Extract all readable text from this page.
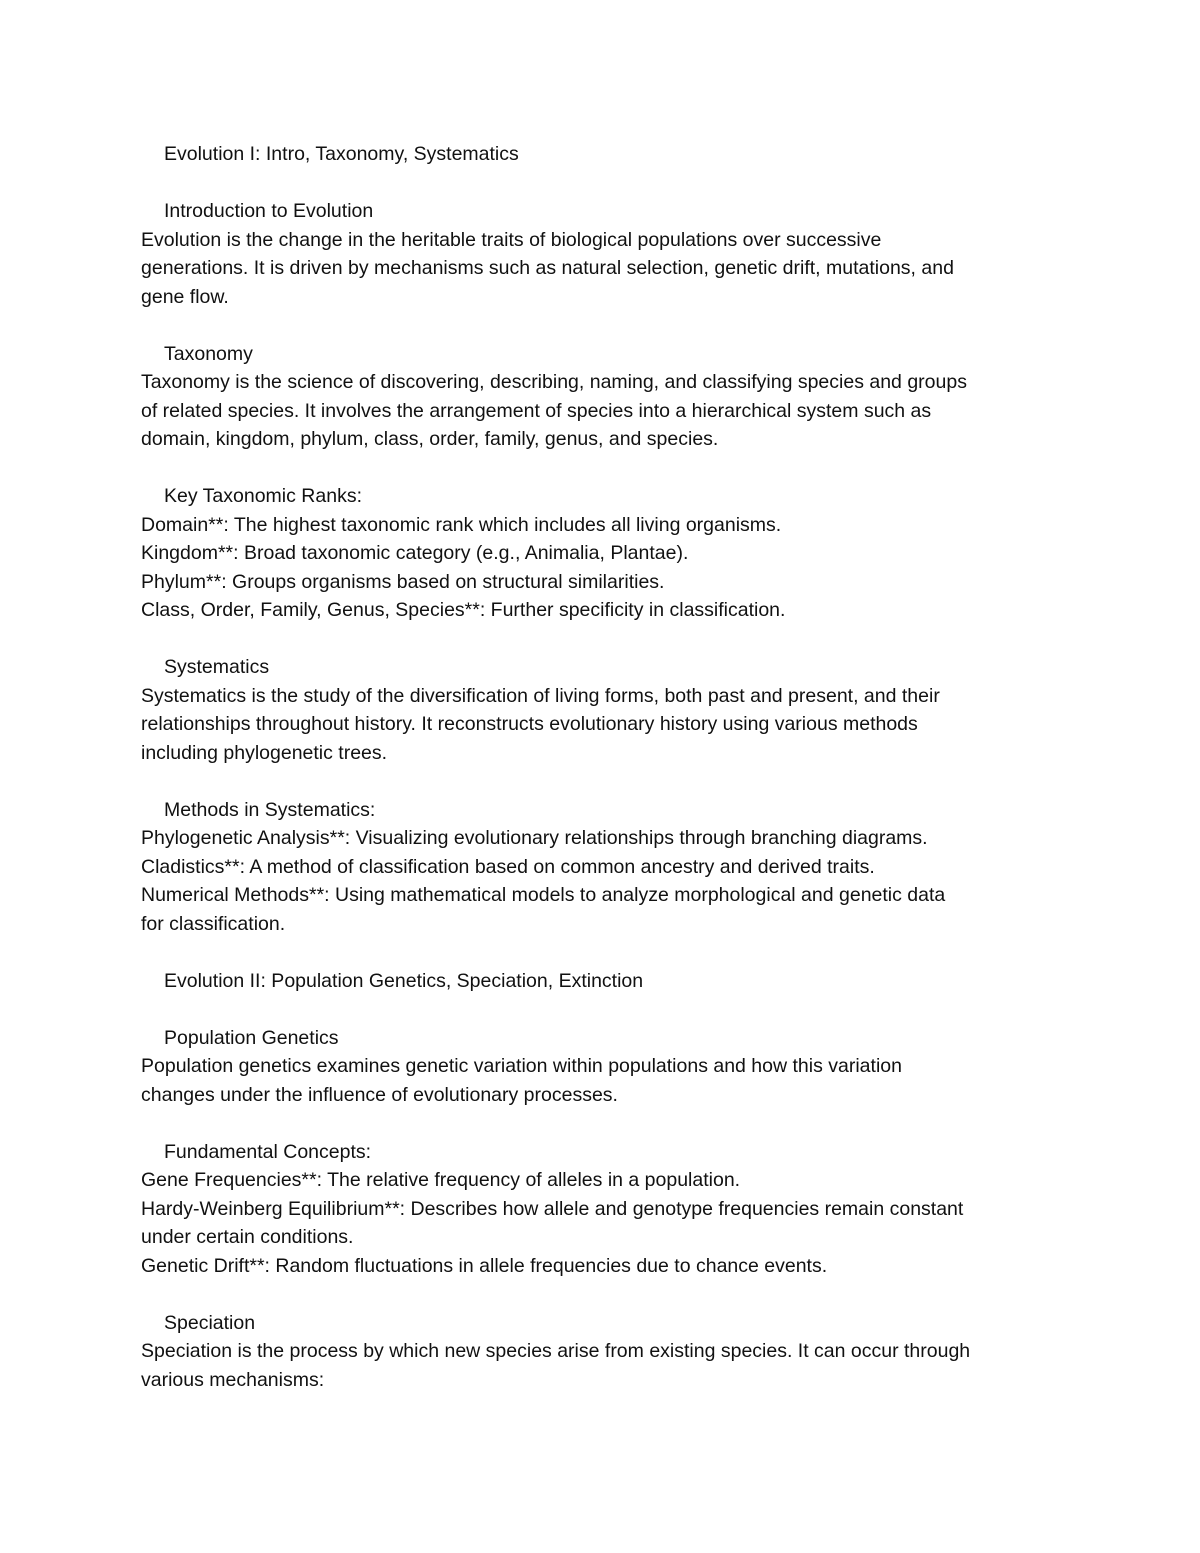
Evolution I: Intro, Taxonomy, Systematics
Introduction to Evolution
Evolution is the change in the heritable traits of biological populations over successive
generations. It is driven by mechanisms such as natural selection, genetic drift, mutations, and
gene flow.
Taxonomy
Taxonomy is the science of discovering, describing, naming, and classifying species and groups
of related species. It involves the arrangement of species into a hierarchical system such as
domain, kingdom, phylum, class, order, family, genus, and species.
Key Taxonomic Ranks:
Domain**: The highest taxonomic rank which includes all living organisms.
Kingdom**: Broad taxonomic category (e.g., Animalia, Plantae).
Phylum**: Groups organisms based on structural similarities.
Class, Order, Family, Genus, Species**: Further specificity in classification.
Systematics
Systematics is the study of the diversification of living forms, both past and present, and their
relationships throughout history. It reconstructs evolutionary history using various methods
including phylogenetic trees.
Methods in Systematics:
Phylogenetic Analysis**: Visualizing evolutionary relationships through branching diagrams.
Cladistics**: A method of classification based on common ancestry and derived traits.
Numerical Methods**: Using mathematical models to analyze morphological and genetic data
for classification.
Evolution II: Population Genetics, Speciation, Extinction
Population Genetics
Population genetics examines genetic variation within populations and how this variation
changes under the influence of evolutionary processes.
Fundamental Concepts:
Gene Frequencies**: The relative frequency of alleles in a population.
Hardy-Weinberg Equilibrium**: Describes how allele and genotype frequencies remain constant
under certain conditions.
Genetic Drift**: Random fluctuations in allele frequencies due to chance events.
Speciation
Speciation is the process by which new species arise from existing species. It can occur through
various mechanisms:
